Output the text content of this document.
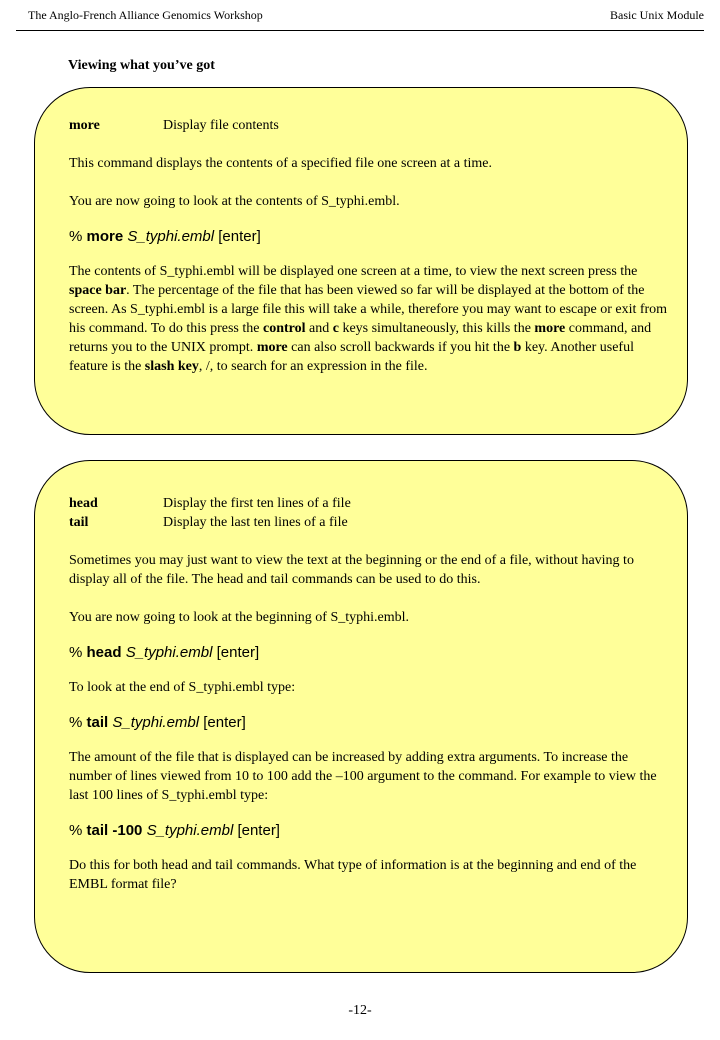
The Anglo-French Alliance Genomics Workshop	Basic Unix Module
Viewing what you’ve got
more	Display file contents

This command displays the contents of a specified file one screen at a time.

You are now going to look at the contents of S_typhi.embl.

% more S_typhi.embl [enter]

The contents of S_typhi.embl will be displayed one screen at a time, to view the next screen press the space bar. The percentage of the file that has been viewed so far will be displayed at the bottom of the screen. As S_typhi.embl is a large file this will take a while, therefore you may want to escape or exit from his command. To do this press the control and c keys simultaneously, this kills the more command, and returns you to the UNIX prompt. more can also scroll backwards if you hit the b key. Another useful feature is the slash key, /, to search for an expression in the file.

head	Display the first ten lines of a file
tail	Display the last ten lines of a file

Sometimes you may just want to view the text at the beginning or the end of a file, without having to display all of the file. The head and tail commands can be used to do this.

You are now going to look at the beginning of S_typhi.embl.

% head S_typhi.embl [enter]

To look at the end of S_typhi.embl type:

% tail S_typhi.embl [enter]

The amount of the file that is displayed can be increased by adding extra arguments. To increase the number of lines viewed from 10 to 100 add the –100 argument to the command. For example to view the last 100 lines of S_typhi.embl type:

% tail -100 S_typhi.embl [enter]

Do this for both head and tail commands. What type of information is at the beginning and end of the EMBL format file?

-12-
